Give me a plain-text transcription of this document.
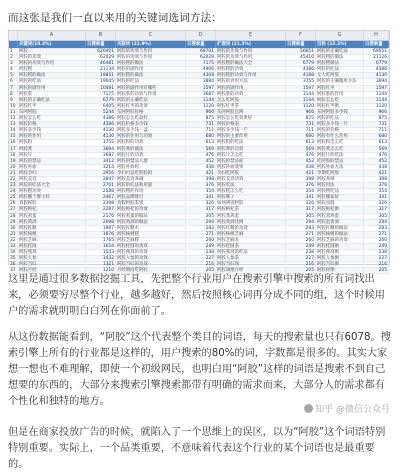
而这张是我们一直以来用的关键词选词方法：
A	B	C	D	E	F	G	H
关键词(10.2%)	日搜索量	关联词 (31.9%)	日搜索量	扩展词 (21.5%)	日搜索量	目标 (15.3%)	日搜索量
1	阿胶	620401 阿胶的功效与作用	69701 阿胶的功效与作用	56651 阿胶的正确吃法	69551
2	阿胶的功效	62029 阿胶的功效与作用	62029 阿胶的功效与作用	45410 阿胶糕的做法	21126
3	阿胶的功效与作用	46481 阿胶糕的做法	7175 阿胶糕的做法大全	6779 阿胶糕做法	6779
4	阿胶糕	21134 阿胶的副作用	4906 阿胶糕的功效	4386 阿胶的吃法	4386
5	阿胶糕的做法	19851 阿胶糕的做法	4308 阿胶糕的功效与作用	4188 女人吃阿胶	4130
6	阿胶的吃法	19645 阿胶的吃法	3884 阿胶的食用方法	3755 阿胶的正确服用方法	3694
7	阿胶的副作用	10491 阿胶的副作用有哪些	1597 阿胶的副作用	1597 阿胶红枣	1597
8	阿胶浆	7175 阿胶浆的功效与作用	3687 阿胶浆的功效	1144 阿胶浆的作用	1144
9	阿胶的正确吃法	6779 阿胶的正确吃法	1144 怎么吃阿胶	1144 阿胶怎么吃	1144
10 阿胶红枣	6405 阿胶红枣的功效	1120 阿胶红枣茶	1120 阿胶红枣粥	1120
11 东阿阿胶	5244 东阿阿胶价格	966 东阿阿胶官网	966 东阿阿胶多少钱	966
12 阿胶怎么吃	4386 阿胶怎么吃最好	875 阿胶怎么吃效果好	875 阿胶的吃法	875
13 阿胶价格	4386 阿胶价格多少钱	731 阿胶价格表	731 阿胶多少钱一斤	731
14 阿胶多少钱	4130 阿胶多少钱一盒	711 阿胶多少钱一斤	711 阿胶的价格	711
15 阿胶的作用	4130 阿胶的作用与功效	680 阿胶的主要作用	680 阿胶有什么作用	680
16 阿胶粉	3755 阿胶粉的功效	613 阿胶粉的吃法	613 阿胶粉怎么吃	613
17 阿胶膏	3694 阿胶膏的做法	569 阿胶膏的功效	569 阿胶膏怎么吃	569
18 阿胶片	3687 阿胶片的功效	476 阿胶片怎么吃	476 阿胶片的吃法	476
19 阿胶的禁忌	3412 阿胶的禁忌人群	452 阿胶的禁忌症	452 吃阿胶的禁忌	452
20 阿胶补血	3214 阿胶补血吗	438 阿胶补血效果	438 阿胶补血方法	438
21 阿胶孕妇	2956 孕妇可以吃阿胶吗	421 孕妇吃阿胶	421 孕期吃阿胶	421
22 阿胶美容	2847 阿胶美容养颜	398 阿胶美容功效	398 阿胶养颜	398
23 阿胶的吃法大全	2701 阿胶的吃法和用量	376 阿胶吃法	376 阿胶用法	376
24 阿胶糕功效	2588 阿胶糕的作用	354 阿胶糕怎么吃	354 阿胶糕吃法	354
25 阿胶哪个牌子好	2467 阿胶品牌排行	341 阿胶牌子	341 阿胶哪家好	341
26 真假阿胶	2398 真假阿胶鉴别	326 如何辨别阿胶	326 阿胶真假	326
27 阿胶枸杞	2287 阿胶枸杞的功效	317 阿胶枸杞茶	317 阿胶枸杞粥	317
28 阿胶鸡蛋	2176 阿胶鸡蛋的做法	305 阿胶煮鸡蛋	305 阿胶蒸鸡蛋	305
29 阿胶黄酒	2098 阿胶黄酒的做法	294 阿胶黄酒比例	294 阿胶泡黄酒	294
30 阿胶红糖	1987 阿胶红糖水	283 阿胶红糖的功效	283 阿胶红糖的做法	283
31 阿胶核桃	1876 阿胶核桃糕	271 阿胶核桃芝麻	271 阿胶核桃的做法	271
32 阿胶芝麻	1765 阿胶芝麻糕	260 阿胶芝麻丸	260 阿胶芝麻的功效	260
33 阿胶桂圆	1654 阿胶桂圆的功效	249 阿胶桂圆茶	249 阿胶桂圆粥	249
34 阿胶燕窝	1543 阿胶燕窝的功效	238 阿胶燕窝的吃法	238 阿胶燕窝粥	238
35 阿胶人参	1432 阿胶人参的功效	227 阿胶人参茶	227 阿胶人参粥	227
36 阿胶当归	1321 阿胶当归的功效	216 阿胶当归汤	216 阿胶当归粥	216
37 阿胶月经	1210 月经期间吃阿胶	205 阿胶调理月经	205 阿胶经期	205

这里是通过很多数据挖掘工具，先把整个行业用户在搜索引擎中搜索的所有词找出来，必须要穷尽整个行业，越多越好，然后按照核心词再分成不同的组，这个时候用户的需求就明明白白列在你面前了。

从这份数据能看到，“阿胶”这个代表整个类目的词语，每天的搜索量也只有6078。搜索引擎上所有的行业都是这样的，用户搜索的80%的词，字数都是很多的。其实大家想一想也不难理解，即使一个初级网民，也明白用“阿胶”这样的词语是搜索不到自己想要的东西的，大部分来搜索引擎搜索都带有明确的需求而来，大部分人的需求都有个性化和独特的地方。

但是在商家投放广告的时候，就陷入了一个思维上的误区，以为“阿胶”这个词语特别特别重要。实际上，一个品类重要，不意味着代表这个行业的某个词语也是最重要的。

知乎 @微信公众号
